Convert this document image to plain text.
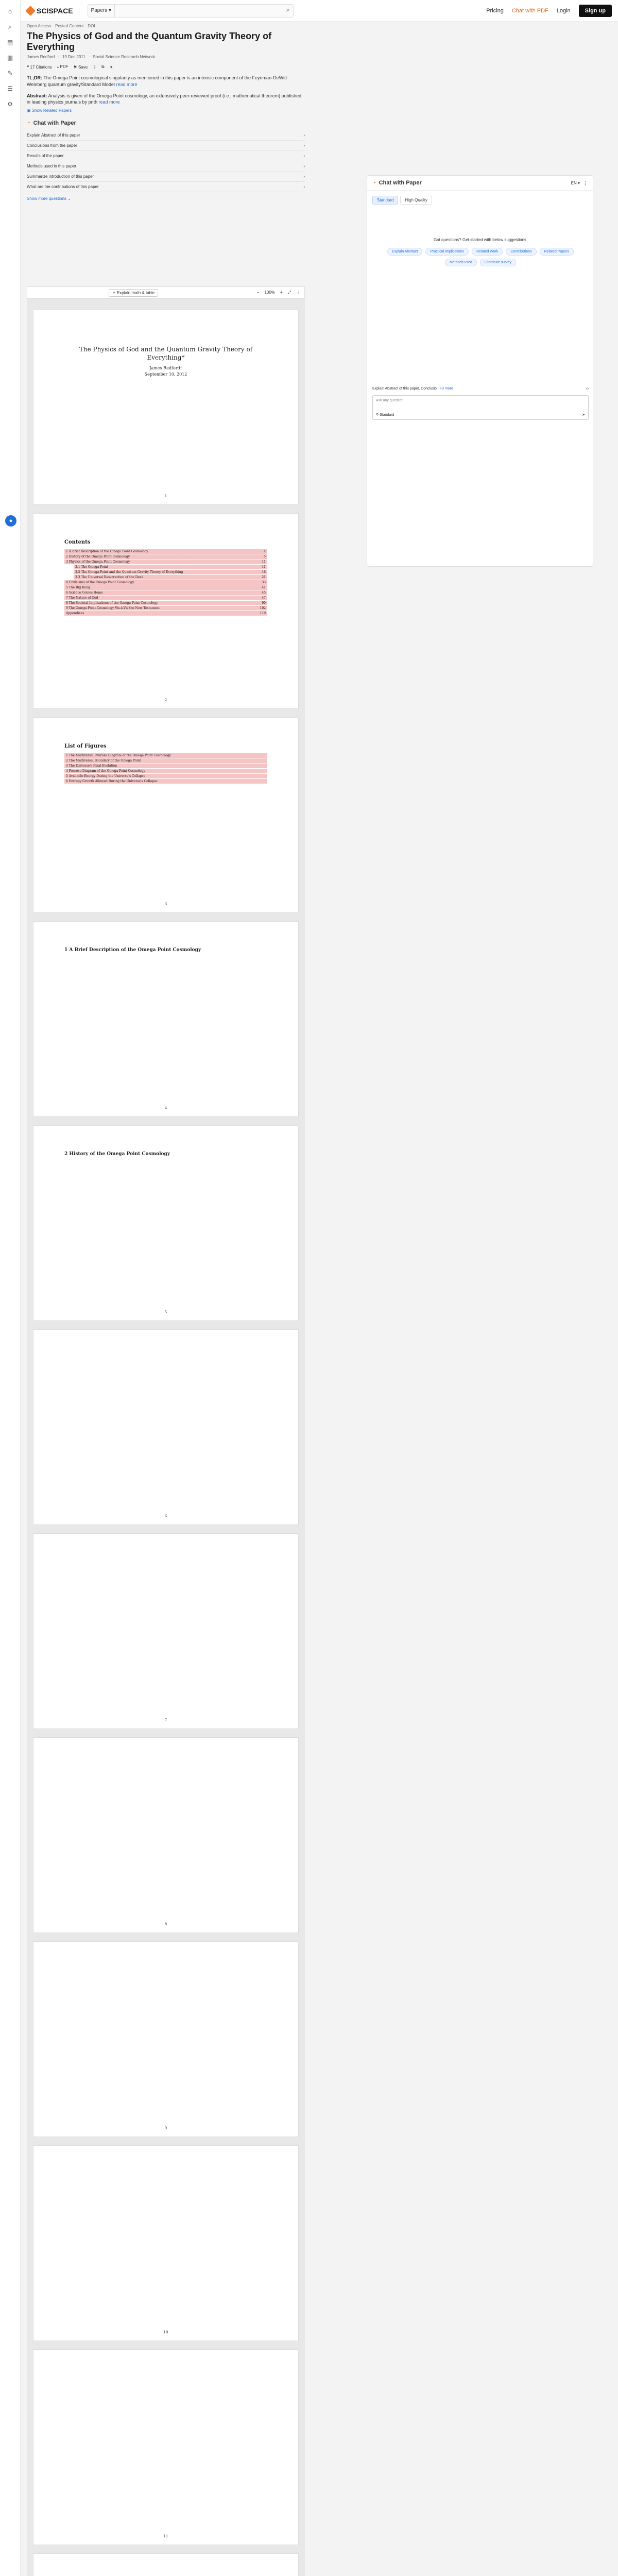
⌂
⌕
▤
▥
✎
☰
⚙
●
SCISPACE	Papers ▾	⌕	Pricing Chat with PDF Login	Sign up
Open Access Posted Content DOI
The Physics of God and the Quantum Gravity Theory of Everything
James Redford · 19 Dec 2011 · Social Science Research Network
❝ 17 Citations ⤓ PDF ⚑ Save ⇪ ⧉ ✦
TL;DR: The Omega Point cosmological singularity as mentioned in this paper is an intrinsic component of the Feynman-DeWitt-Weinberg quantum gravity/Standard Model read more
Abstract: Analysis is given of the Omega Point cosmology, an extensively peer-reviewed proof (i.e., mathematical theorem) published in leading physics journals by prith read more
▣ Show Related Papers
◔ Chat with Paper
Explain Abstract of this paper	›
Conclusions from the paper	›
Results of the paper	›
Methods used in this paper	›
Summarize introduction of this paper	›
What are the contributions of this paper	›
Show more questions ⌄
✧ Explain math & table	− 100% + ⤢ ⋮
The Physics of God and the Quantum Gravity Theory of Everything*
James Redford†
September 10, 2012
1
Contents
1 A Brief Description of the Omega Point Cosmology	4
2 History of the Omega Point Cosmology	5
3 Physics of the Omega Point Cosmology	11
3.1 The Omega Point	11
3.2 The Omega Point and the Quantum Gravity Theory of Everything	18
3.3 The Universal Resurrection of the Dead	21
4 Criticisms of the Omega Point Cosmology	33
5 The Big Bang	41
6 Science Comes Home	45
7 The Nature of God	47
8 The Societal Implications of the Omega Point Cosmology	90
9 The Omega Point Cosmology Vis-à-Vis the New Testament	102
Appendixes	110
2
List of Figures
1 The Multiversal Penrose Diagram of the Omega Point Cosmology
2 The Multiversal Boundary of the Omega Point
3 The Universe's Final Evolution
4 Penrose Diagram of the Omega Point Cosmology
5 Available Energy During the Universe's Collapse
6 Entropy Growth Allowed During the Universe's Collapse
3
1 A Brief Description of the Omega Point Cosmology
4
2 History of the Omega Point Cosmology
5
6
7
8
9
10
11
◔ Chat with Paper	EN ▾ ⋮
Standard	High Quality
Got questions? Get started with below suggestions
Explain Abstract	Practical Implications	Related Work	Contributions	Related Papers
Methods used	Literature survey
Explain Abstract of this paper, Conclusio +3 more	⟲
Ask any question...
⚲ Standard	➤
